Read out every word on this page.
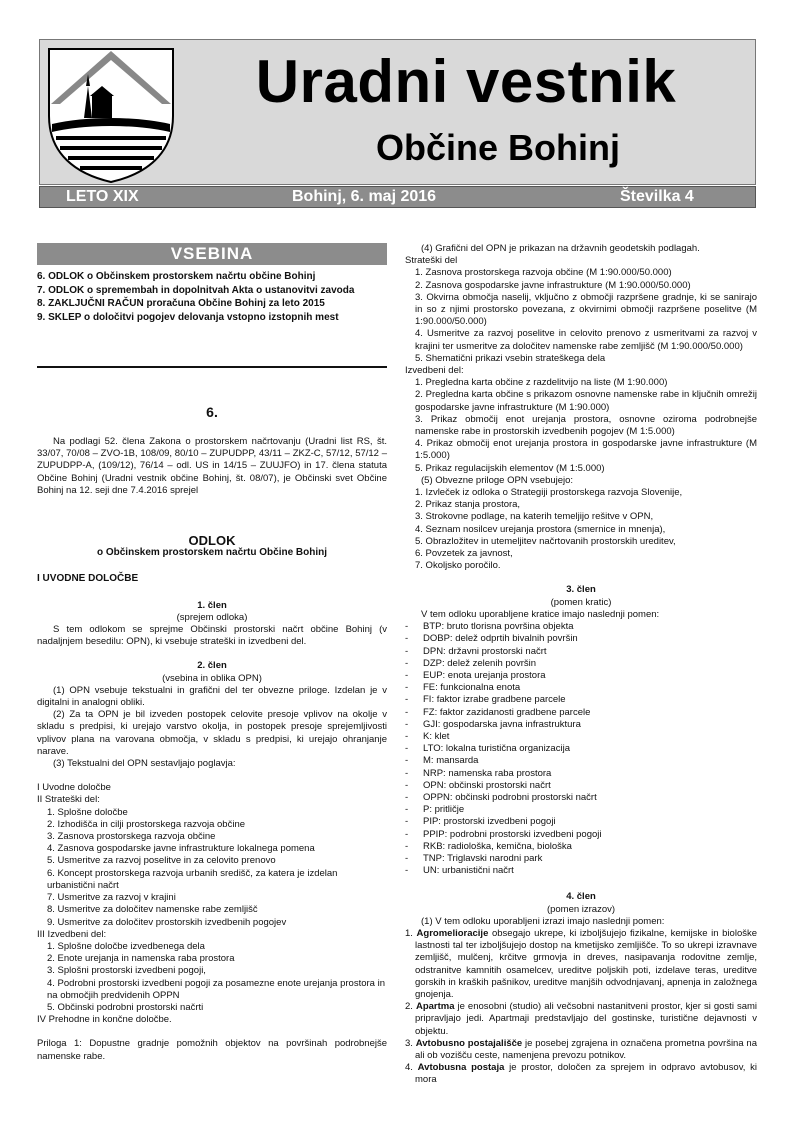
Uradni vestnik
Občine Bohinj
LETO XIX	Bohinj, 6. maj 2016	Številka 4
VSEBINA
6. ODLOK o Občinskem prostorskem načrtu občine Bohinj
7. ODLOK o spremembah in dopolnitvah Akta o ustanovitvi zavoda
8. ZAKLJUČNI RAČUN proračuna Občine Bohinj za leto 2015
9. SKLEP o določitvi pogojev delovanja vstopno izstopnih mest
6.

Na podlagi 52. člena Zakona o prostorskem načrtovanju (Uradni list RS, št. 33/07, 70/08 – ZVO-1B, 108/09, 80/10 – ZUPUDPP, 43/11 – ZKZ-C, 57/12, 57/12 – ZUPUDPP-A, (109/12), 76/14 – odl. US in 14/15 – ZUUJFO) in 17. člena statuta Občine Bohinj (Uradni vestnik občine Bohinj, št. 08/07), je Občinski svet Občine Bohinj na 12. seji dne 7.4.2016 sprejel

ODLOK
o Občinskem prostorskem načrtu Občine Bohinj
I UVODNE DOLOČBE
1. člen
(sprejem odloka)

S tem odlokom se sprejme Občinski prostorski načrt občine Bohinj (v nadaljnjem besedilu: OPN), ki vsebuje strateški in izvedbeni del.

2. člen
(vsebina in oblika OPN)

(1) OPN vsebuje tekstualni in grafični del ter obvezne priloge. Izdelan je v digitalni in analogni obliki.

(2) Za ta OPN je bil izveden postopek celovite presoje vplivov na okolje v skladu s predpisi, ki urejajo varstvo okolja, in postopek presoje sprejemljivosti vplivov plana na varovana območja, v skladu s predpisi, ki urejajo ohranjanje narave.

(3) Tekstualni del OPN sestavljajo poglavja:

I Uvodne določbe
II Strateški del:
1. Splošne določbe
2. Izhodišča in cilji prostorskega razvoja občine
3. Zasnova prostorskega razvoja občine
4. Zasnova gospodarske javne infrastrukture lokalnega pomena
5. Usmeritve za razvoj poselitve in za celovito prenovo
6. Koncept prostorskega razvoja urbanih središč, za katera je izdelan urbanistični načrt
7. Usmeritve za razvoj v krajini
8. Usmeritve za določitev namenske rabe zemljišč
9. Usmeritve za določitev prostorskih izvedbenih pogojev
III Izvedbeni del:
1. Splošne določbe izvedbenega dela
2. Enote urejanja in namenska raba prostora
3. Splošni prostorski izvedbeni pogoji,
4. Podrobni prostorski izvedbeni pogoji za posamezne enote urejanja prostora in na območjih predvidenih OPPN
5. Občinski podrobni prostorski načrti
IV Prehodne in končne določbe.

Priloga 1: Dopustne gradnje pomožnih objektov na površinah podrobnejše namenske rabe.

(4) Grafični del OPN je prikazan na državnih geodetskih podlagah.

Strateški del
1. Zasnova prostorskega razvoja občine (M 1:90.000/50.000)
2. Zasnova gospodarske javne infrastrukture (M 1:90.000/50.000)
3. Okvirna območja naselij, vključno z območji razpršene gradnje, ki se sanirajo in so z njimi prostorsko povezana, z okvirnimi območji razpršene poselitve (M 1:90.000/50.000)
4. Usmeritve za razvoj poselitve in celovito prenovo z usmeritvami za razvoj v krajini ter usmeritve za določitev namenske rabe zemljišč (M 1:90.000/50.000)
5. Shematični prikazi vsebin strateškega dela
Izvedbeni del:
1. Pregledna karta občine z razdelitvijo na liste (M 1:90.000)
2. Pregledna karta občine s prikazom osnovne namenske rabe in ključnih omrežij gospodarske javne infrastrukture (M 1:90.000)
3. Prikaz območij enot urejanja prostora, osnovne oziroma podrobnejše namenske rabe in prostorskih izvedbenih pogojev (M 1:5.000)
4. Prikaz območij enot urejanja prostora in gospodarske javne infrastrukture (M 1:5.000)
5. Prikaz regulacijskih elementov (M 1:5.000)

(5) Obvezne priloge OPN vsebujejo:

1. Izvleček iz odloka o Strategiji prostorskega razvoja Slovenije,
2. Prikaz stanja prostora,
3. Strokovne podlage, na katerih temeljijo rešitve v OPN,
4. Seznam nosilcev urejanja prostora (smernice in mnenja),
5. Obrazložitev in utemeljitev načrtovanih prostorskih ureditev,
6. Povzetek za javnost,
7. Okoljsko poročilo.
3. člen
(pomen kratic)

V tem odloku uporabljene kratice imajo naslednji pomen:

- BTP: bruto tlorisna površina objekta
- DOBP: delež odprtih bivalnih površin
- DPN: državni prostorski načrt
- DZP: delež zelenih površin
- EUP: enota urejanja prostora
- FE: funkcionalna enota
- FI: faktor izrabe gradbene parcele
- FZ: faktor zazidanosti gradbene parcele
- GJI: gospodarska javna infrastruktura
- K: klet
- LTO: lokalna turistična organizacija
- M: mansarda
- NRP: namenska raba prostora
- OPN: občinski prostorski načrt
- OPPN: občinski podrobni prostorski načrt
- P: pritličje
- PIP: prostorski izvedbeni pogoji
- PPIP: podrobni prostorski izvedbeni pogoji
- RKB: radiološka, kemična, biološka
- TNP: Triglavski narodni park
- UN: urbanistični načrt
4. člen
(pomen izrazov)

(1) V tem odloku uporabljeni izrazi imajo naslednji pomen:

1. Agromelioracije obsegajo ukrepe, ki izboljšujejo fizikalne, kemijske in biološke lastnosti tal ter izboljšujejo dostop na kmetijsko zemljišče. To so ukrepi izravnave zemljišč, mulčenj, krčitve grmovja in dreves, nasipavanja rodovitne zemlje, odstranitve kamnitih osamelcev, ureditve poljskih poti, izdelave teras, ureditve gorskih in kraških pašnikov, ureditve manjših odvodnjavanj, apnenja in založnega gnojenja.
2. Apartma je enosobni (studio) ali večsobni nastanitveni prostor, kjer si gosti sami pripravljajo jedi. Apartmaji predstavljajo del gostinske, turistične dejavnosti v objektu.
3. Avtobusno postajališče je posebej zgrajena in označena prometna površina na ali ob vozišču ceste, namenjena prevozu potnikov.
4. Avtobusna postaja je prostor, določen za sprejem in odpravo avtobusov, ki mora
